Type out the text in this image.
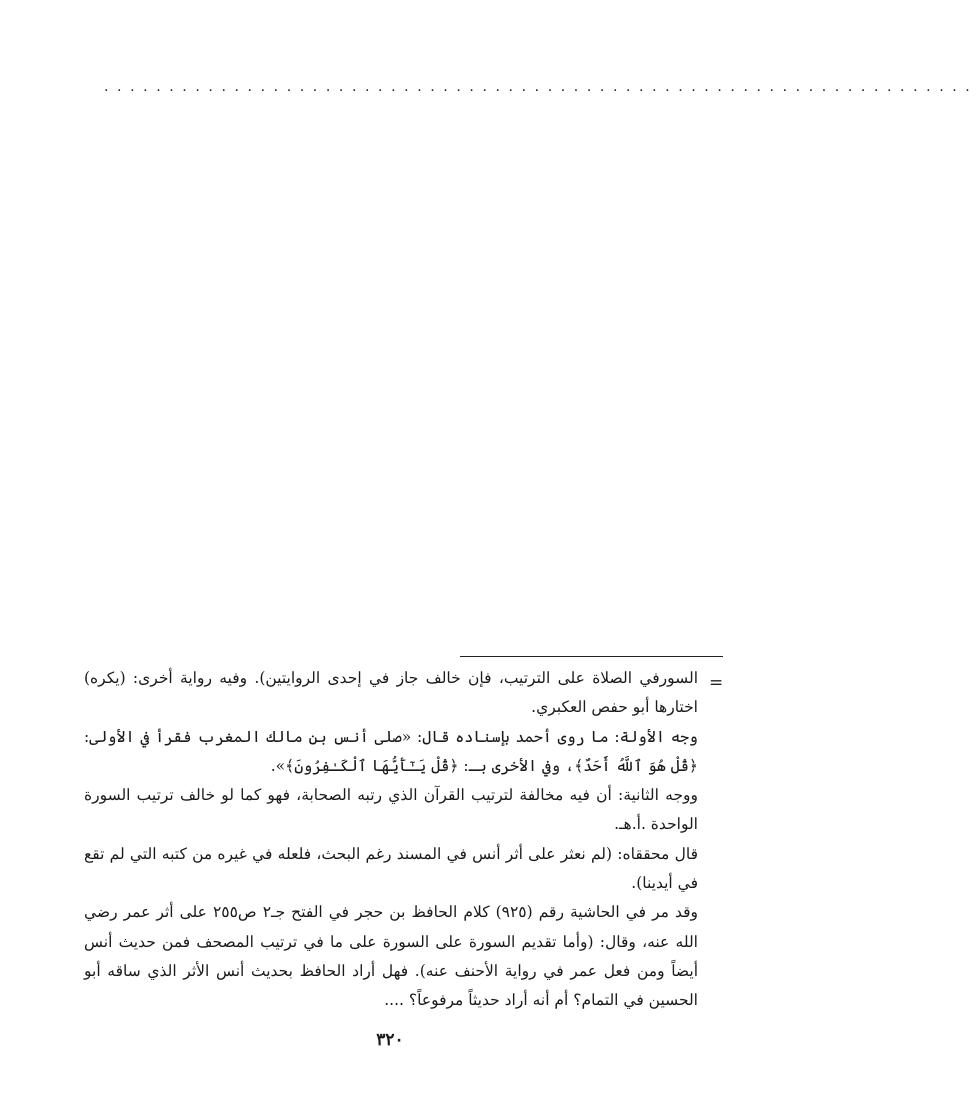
...................................................................
=

السورفي الصلاة على الترتيب، فإن خالف جاز في إحدى الروايتين). وفيه رواية أخرى: (يكره) اختارها أبو حفص العكبري.

وجه الأولة: ما روى أحمد بإسناده قال: «صلى أنس بن مالك المغرب فقرأ في الأولى: ﴿قُلْ هُوَ ٱللَّهُ أَحَدٌ﴾، وفي الأخرى بـ: ﴿قُلْ يَـٰٓأَيُّهَا ٱلْكَـٰفِرُونَ﴾».

ووجه الثانية: أن فيه مخالفة لترتيب القرآن الذي رتبه الصحابة، فهو كما لو خالف ترتيب السورة الواحدة .أ.هـ.

قال محققاه: (لم نعثر على أثر أنس في المسند رغم البحث، فلعله في غيره من كتبه التي لم تقع في أيدينا).

وقد مر في الحاشية رقم (٩٢٥) كلام الحافظ بن حجر في الفتح جـ٢ ص٢٥٥ على أثر عمر رضي الله عنه، وقال: (وأما تقديم السورة على السورة على ما في ترتيب المصحف فمن حديث أنس أيضاً ومن فعل عمر في رواية الأحنف عنه). فهل أراد الحافظ بحديث أنس الأثر الذي ساقه أبو الحسين في التمام؟ أم أنه أراد حديثاً مرفوعاً؟ ....

٣٢٠
